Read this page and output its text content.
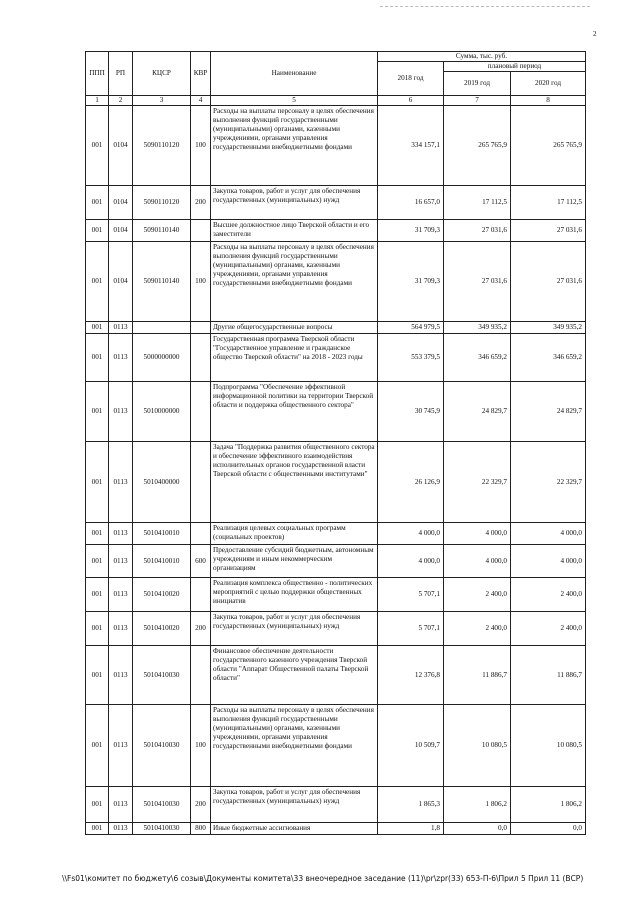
2
ППП	РП	КЦСР	КВР	Наименование	Сумма, тыс. руб.		
					2018 год	плановый период	
						2019 год	2020 год
1	2	3	4	5	6	7	8
001	0104	5090110120	100	Расходы на выплаты персоналу в целях обеспечения выполнения функций государственными (муниципальными) органами, казенными учреждениями, органами управления государственными внебюджетными фондами	334 157,1	265 765,9	265 765,9
001	0104	5090110120	200	Закупка товаров, работ и услуг для обеспечения государственных (муниципальных) нужд	16 657,0	17 112,5	17 112,5
001	0104	5090110140		Высшее должностное лицо Тверской области и его заместители	31 709,3	27 031,6	27 031,6
001	0104	5090110140	100	Расходы на выплаты персоналу в целях обеспечения выполнения функций государственными (муниципальными) органами, казенными учреждениями, органами управления государственными внебюджетными фондами	31 709,3	27 031,6	27 031,6
001	0113			Другие общегосударственные вопросы	564 979,5	349 935,2	349 935,2
001	0113	5000000000		Государственная программа Тверской области "Государственное управление и гражданское общество Тверской области" на 2018 - 2023 годы	553 379,5	346 659,2	346 659,2
001	0113	5010000000		Подпрограмма "Обеспечение эффективной информационной политики на территории Тверской области и поддержка общественного сектора"	30 745,9	24 829,7	24 829,7
001	0113	5010400000		Задача "Поддержка развития общественного сектора и обеспечение эффективного взаимодействия исполнительных органов государственной власти Тверской области с общественными институтами"	26 126,9	22 329,7	22 329,7
001	0113	5010410010		Реализация целевых социальных программ (социальных проектов)	4 000,0	4 000,0	4 000,0
001	0113	5010410010	600	Предоставление субсидий бюджетным, автономным учреждениям и иным некоммерческим организациям	4 000,0	4 000,0	4 000,0
001	0113	5010410020		Реализация комплекса общественно - политических мероприятий с целью поддержки общественных инициатив	5 707,1	2 400,0	2 400,0
001	0113	5010410020	200	Закупка товаров, работ и услуг для обеспечения государственных (муниципальных) нужд	5 707,1	2 400,0	2 400,0
001	0113	5010410030		Финансовое обеспечение деятельности государственного казенного учреждения Тверской области "Аппарат Общественной палаты Тверской области"	12 376,8	11 886,7	11 886,7
001	0113	5010410030	100	Расходы на выплаты персоналу в целях обеспечения выполнения функций государственными (муниципальными) органами, казенными учреждениями, органами управления государственными внебюджетными фондами	10 509,7	10 080,5	10 080,5
001	0113	5010410030	200	Закупка товаров, работ и услуг для обеспечения государственных (муниципальных) нужд	1 865,3	1 806,2	1 806,2
001	0113	5010410030	800	Иные бюджетные ассигнования	1,8	0,0	0,0
\\Fs01\комитет по бюджету\6 созыв\Документы комитета\33 внеочередное заседание (11)\pr\zpr(33) 653-П-6\Прил 5 Прил 11 (ВСР)
